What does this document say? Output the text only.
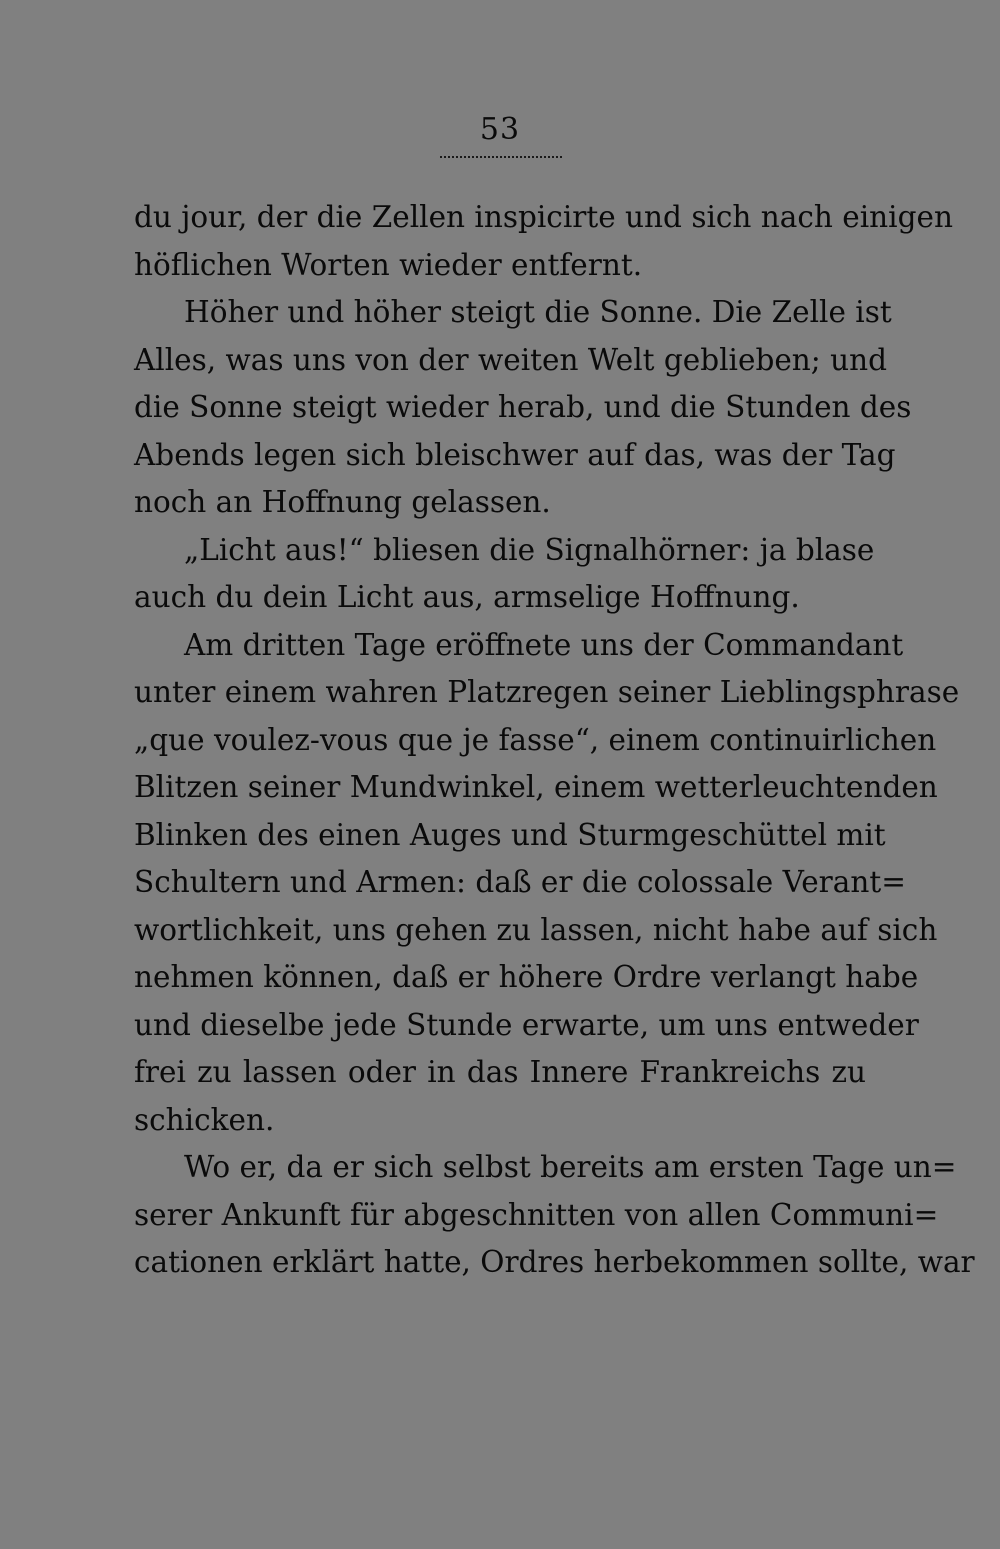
53
du jour, der die Zellen inspicirte und sich nach einigen
höflichen Worten wieder entfernt.
Höher und höher steigt die Sonne. Die Zelle ist
Alles, was uns von der weiten Welt geblieben; und
die Sonne steigt wieder herab, und die Stunden des
Abends legen sich bleischwer auf das, was der Tag
noch an Hoffnung gelassen.
„Licht aus!“ bliesen die Signalhörner: ja blase
auch du dein Licht aus, armselige Hoffnung.
Am dritten Tage eröffnete uns der Commandant
unter einem wahren Platzregen seiner Lieblingsphrase
„que voulez-vous que je fasse“, einem continuirlichen
Blitzen seiner Mundwinkel, einem wetterleuchtenden
Blinken des einen Auges und Sturmgeschüttel mit
Schultern und Armen: daß er die colossale Verant=
wortlichkeit, uns gehen zu lassen, nicht habe auf sich
nehmen können, daß er höhere Ordre verlangt habe
und dieselbe jede Stunde erwarte, um uns entweder
frei zu lassen oder in das Innere Frankreichs zu
schicken.
Wo er, da er sich selbst bereits am ersten Tage un=
serer Ankunft für abgeschnitten von allen Communi=
cationen erklärt hatte, Ordres herbekommen sollte, war
